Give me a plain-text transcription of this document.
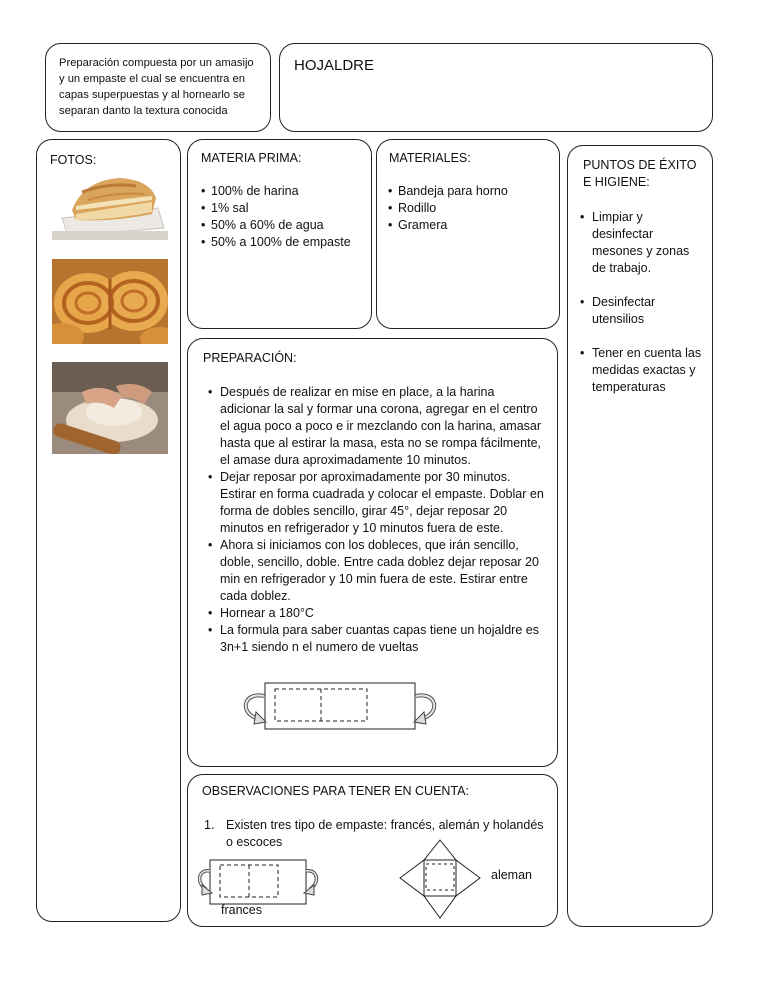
Preparación compuesta por un amasijo y un empaste el cual se encuentra en capas superpuestas y al hornearlo se separan danto la textura conocida
HOJALDRE
FOTOS:	MATERIA PRIMA:
• 100% de harina
• 1% sal
• 50% a 60% de agua
• 50% a 100% de empaste
MATERIALES:
• Bandeja para horno
• Rodillo
• Gramera
PUNTOS DE ÉXITO
E HIGIENE:
• Limpiar y desinfectar mesones y zonas de trabajo.
• Desinfectar utensilios
• Tener en cuenta las medidas exactas y temperaturas
PREPARACIÓN:
• Después de realizar en mise en place, a la harina adicionar la sal y formar una corona, agregar en el centro el agua poco a poco e ir mezclando con la harina, amasar hasta que al estirar la masa, esta no se rompa fácilmente, el amase dura aproximadamente 10 minutos.
• Dejar reposar por aproximadamente por 30 minutos. Estirar en forma cuadrada y colocar el empaste. Doblar en forma de dobles sencillo, girar 45°, dejar reposar 20 minutos en refrigerador y 10 minutos fuera de este.
• Ahora si iniciamos con los dobleces, que irán sencillo, doble, sencillo, doble. Entre cada doblez dejar reposar 20 min en refrigerador y 10 min fuera de este. Estirar entre cada doblez.
• Hornear a 180°C
• La formula para saber cuantas capas tiene un hojaldre es 3n+1 siendo n el numero de vueltas
OBSERVACIONES PARA TENER EN CUENTA:
1. Existen tres tipo de empaste: francés, alemán y holandés o escoces
frances
aleman
